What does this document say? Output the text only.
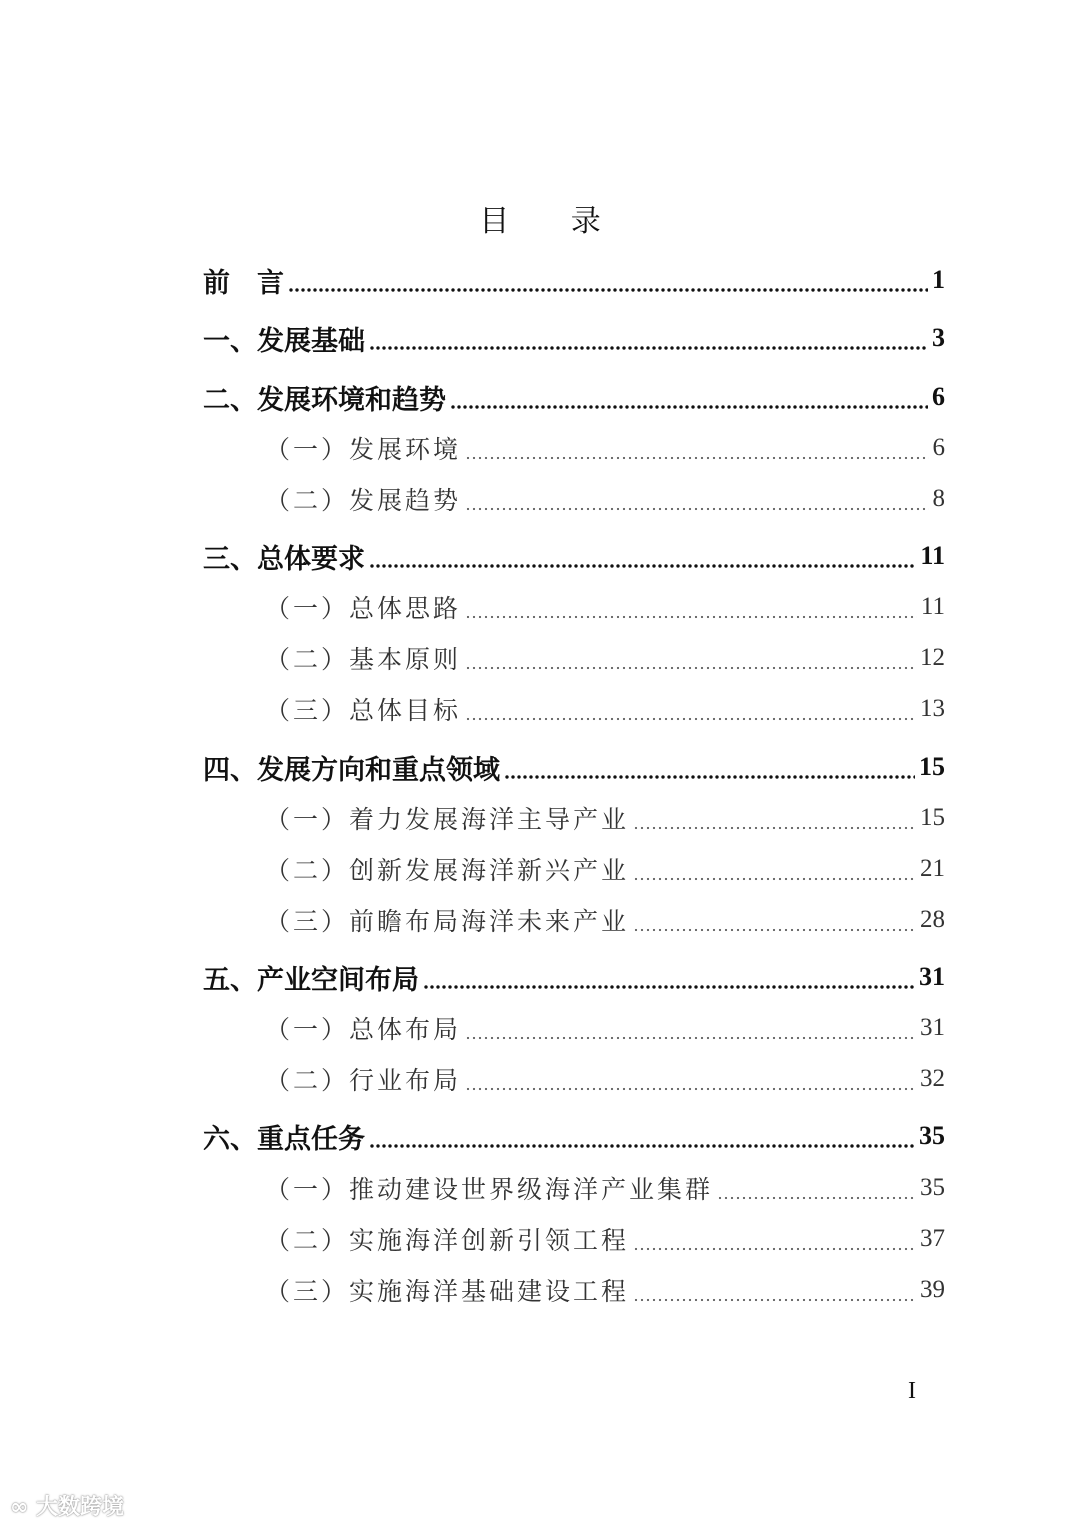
目 录
前　言	1
一、发展基础	3
二、发展环境和趋势	6
（一）发展环境	6
（二）发展趋势	8
三、总体要求	11
（一）总体思路	11
（二）基本原则	12
（三）总体目标	13
四、发展方向和重点领域	15
（一）着力发展海洋主导产业	15
（二）创新发展海洋新兴产业	21
（三）前瞻布局海洋未来产业	28
五、产业空间布局	31
（一）总体布局	31
（二）行业布局	32
六、重点任务	35
（一）推动建设世界级海洋产业集群	35
（二）实施海洋创新引领工程	37
（三）实施海洋基础建设工程	39
I
∞ 大数跨境
